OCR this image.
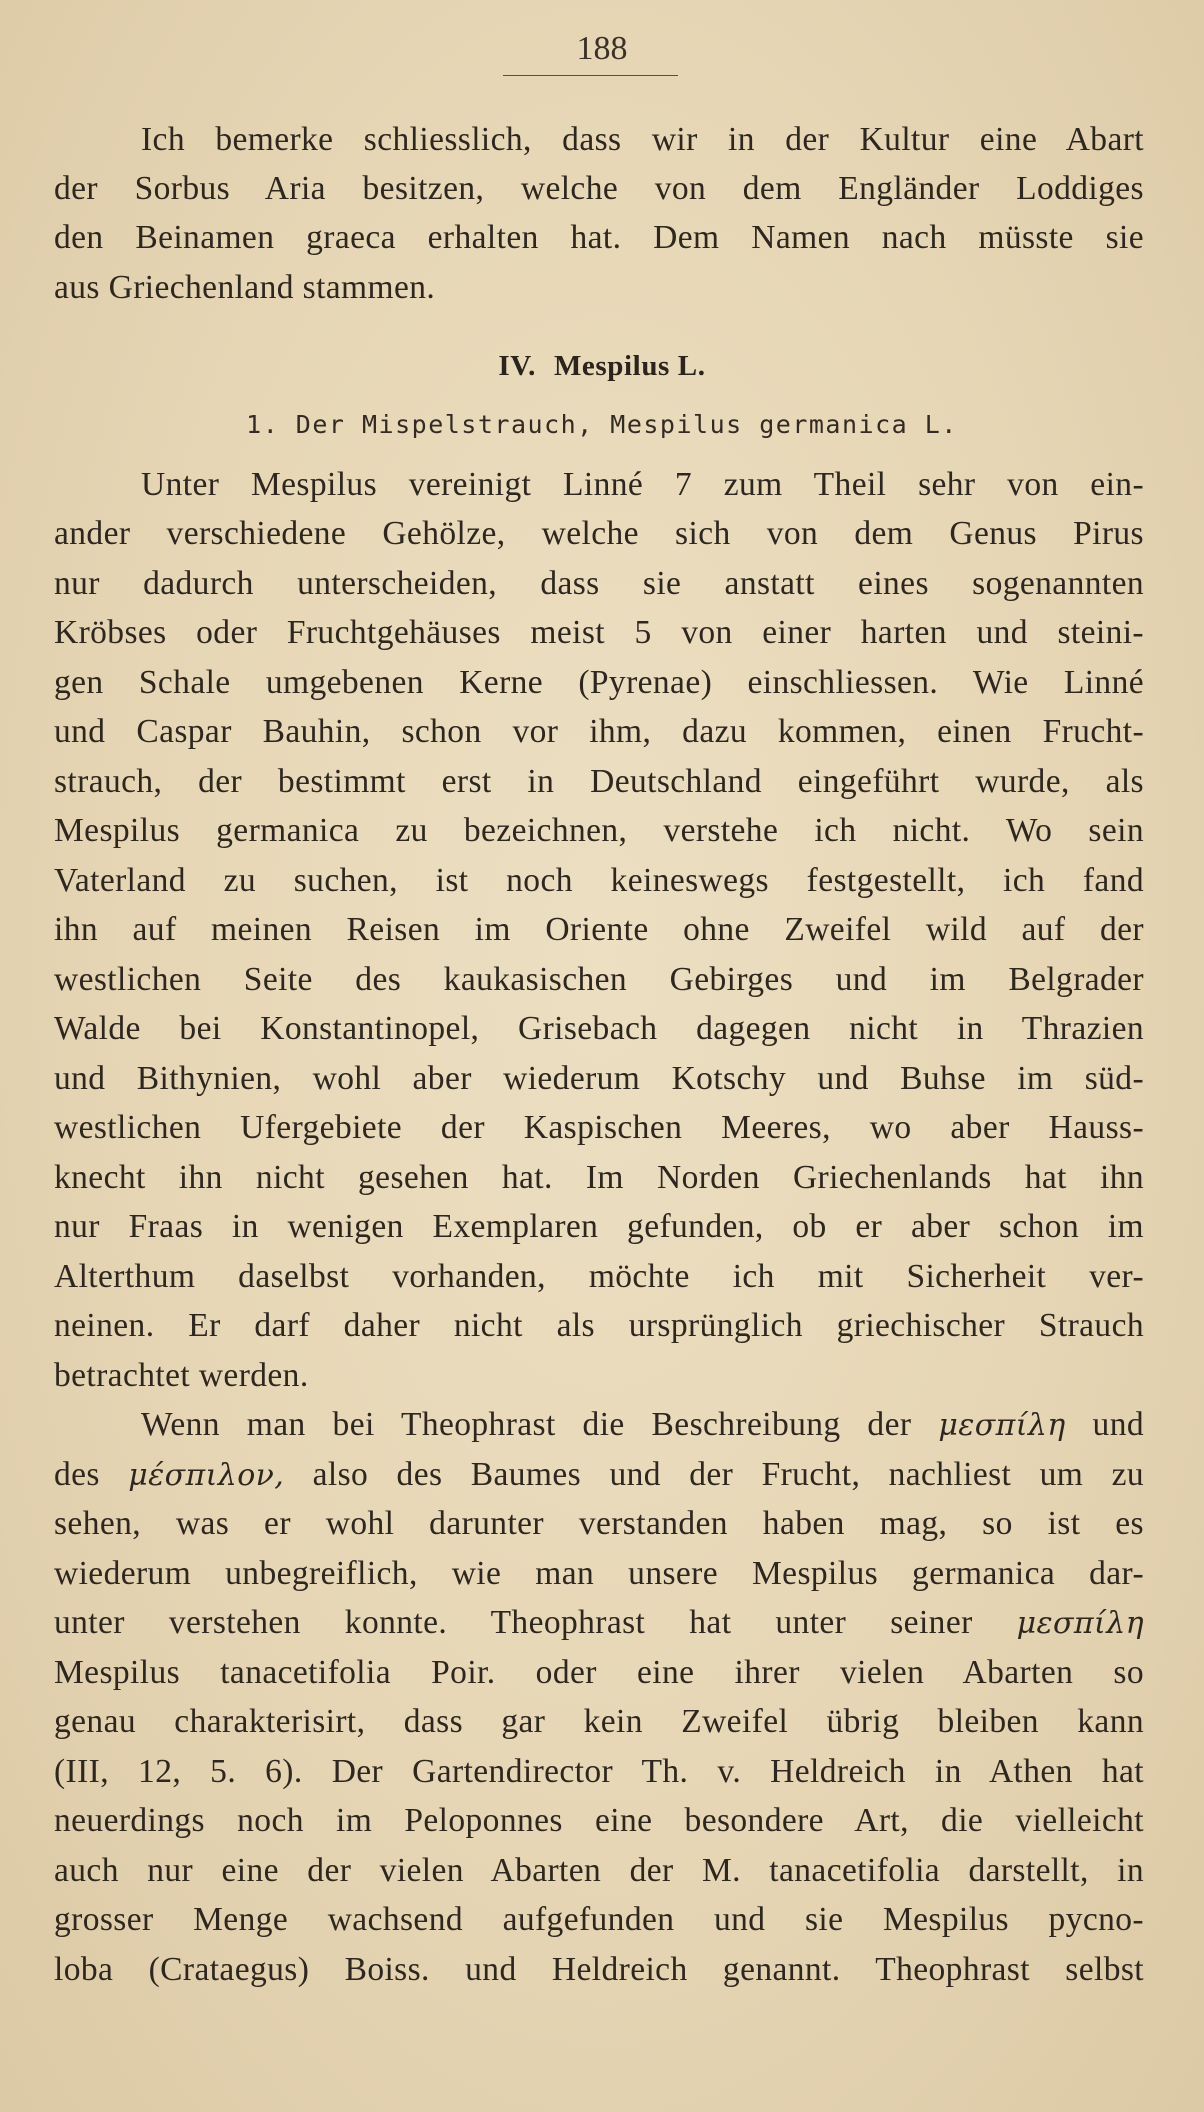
188
Ich bemerke schliesslich, dass wir in der Kultur eine Abart
der Sorbus Aria besitzen, welche von dem Engländer Loddiges
den Beinamen graeca erhalten hat. Dem Namen nach müsste sie
aus Griechenland stammen.
IV. Mespilus L.
1. Der Mispelstrauch, Mespilus germanica L.
Unter Mespilus vereinigt Linné 7 zum Theil sehr von ein-
ander verschiedene Gehölze, welche sich von dem Genus Pirus
nur dadurch unterscheiden, dass sie anstatt eines sogenannten
Kröbses oder Fruchtgehäuses meist 5 von einer harten und steini-
gen Schale umgebenen Kerne (Pyrenae) einschliessen. Wie Linné
und Caspar Bauhin, schon vor ihm, dazu kommen, einen Frucht-
strauch, der bestimmt erst in Deutschland eingeführt wurde, als
Mespilus germanica zu bezeichnen, verstehe ich nicht. Wo sein
Vaterland zu suchen, ist noch keineswegs festgestellt, ich fand
ihn auf meinen Reisen im Oriente ohne Zweifel wild auf der
westlichen Seite des kaukasischen Gebirges und im Belgrader
Walde bei Konstantinopel, Grisebach dagegen nicht in Thrazien
und Bithynien, wohl aber wiederum Kotschy und Buhse im süd-
westlichen Ufergebiete der Kaspischen Meeres, wo aber Hauss-
knecht ihn nicht gesehen hat. Im Norden Griechenlands hat ihn
nur Fraas in wenigen Exemplaren gefunden, ob er aber schon im
Alterthum daselbst vorhanden, möchte ich mit Sicherheit ver-
neinen. Er darf daher nicht als ursprünglich griechischer Strauch
betrachtet werden.
Wenn man bei Theophrast die Beschreibung der μεσπίλη und
des μέσπιλον, also des Baumes und der Frucht, nachliest um zu
sehen, was er wohl darunter verstanden haben mag, so ist es
wiederum unbegreiflich, wie man unsere Mespilus germanica dar-
unter verstehen konnte. Theophrast hat unter seiner μεσπίλη
Mespilus tanacetifolia Poir. oder eine ihrer vielen Abarten so
genau charakterisirt, dass gar kein Zweifel übrig bleiben kann
(III, 12, 5. 6). Der Gartendirector Th. v. Heldreich in Athen hat
neuerdings noch im Peloponnes eine besondere Art, die vielleicht
auch nur eine der vielen Abarten der M. tanacetifolia darstellt, in
grosser Menge wachsend aufgefunden und sie Mespilus pycno-
loba (Crataegus) Boiss. und Heldreich genannt. Theophrast selbst
